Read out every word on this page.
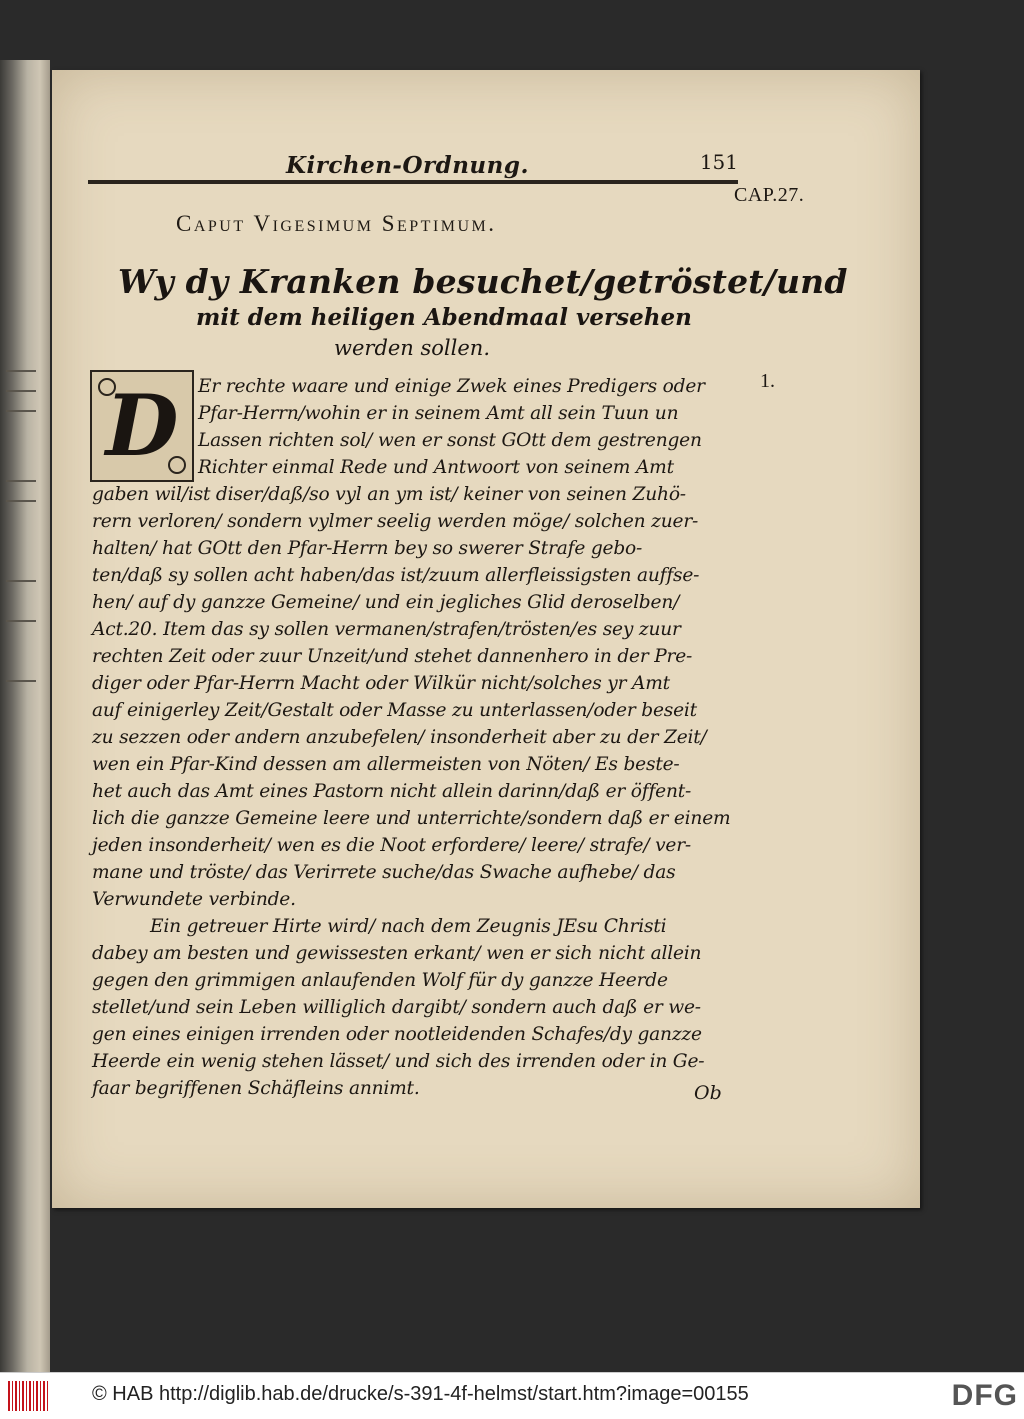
Kirchen-Ordnung.	151
CAP.27.
Caput Vigesimum Septimum.
Wy dy Kranken besuchet/getröstet/und
mit dem heiligen Abendmaal versehen
werden sollen.
D	1.
Er rechte waare und einige Zwek eines Predigers oder
Pfar-Herrn/wohin er in seinem Amt all sein Tuun un
Lassen richten sol/ wen er sonst GOtt dem gestrengen
Richter einmal Rede und Antwoort von seinem Amt
gaben wil/ist diser/daß/so vyl an ym ist/ keiner von seinen Zuhö-
rern verloren/ sondern vylmer seelig werden möge/ solchen zuer-
halten/ hat GOtt den Pfar-Herrn bey so swerer Strafe gebo-
ten/daß sy sollen acht haben/das ist/zuum allerfleissigsten auffse-
hen/ auf dy ganzze Gemeine/ und ein jegliches Glid deroselben/
Act.20. Item das sy sollen vermanen/strafen/trösten/es sey zuur
rechten Zeit oder zuur Unzeit/und stehet dannenhero in der Pre-
diger oder Pfar-Herrn Macht oder Wilkür nicht/solches yr Amt
auf einigerley Zeit/Gestalt oder Masse zu unterlassen/oder beseit
zu sezzen oder andern anzubefelen/ insonderheit aber zu der Zeit/
wen ein Pfar-Kind dessen am allermeisten von Nöten/ Es beste-
het auch das Amt eines Pastorn nicht allein darinn/daß er öffent-
lich die ganzze Gemeine leere und unterrichte/sondern daß er einem
jeden insonderheit/ wen es die Noot erfordere/ leere/ strafe/ ver-
mane und tröste/ das Verirrete suche/das Swache aufhebe/ das
Verwundete verbinde.
Ein getreuer Hirte wird/ nach dem Zeugnis JEsu Christi
dabey am besten und gewissesten erkant/ wen er sich nicht allein
gegen den grimmigen anlaufenden Wolf für dy ganzze Heerde
stellet/und sein Leben williglich dargibt/ sondern auch daß er we-
gen eines einigen irrenden oder nootleidenden Schafes/dy ganzze
Heerde ein wenig stehen lässet/ und sich des irrenden oder in Ge-
faar begriffenen Schäfleins annimt.	Ob
© HAB http://diglib.hab.de/drucke/s-391-4f-helmst/start.htm?image=00155	DFG
